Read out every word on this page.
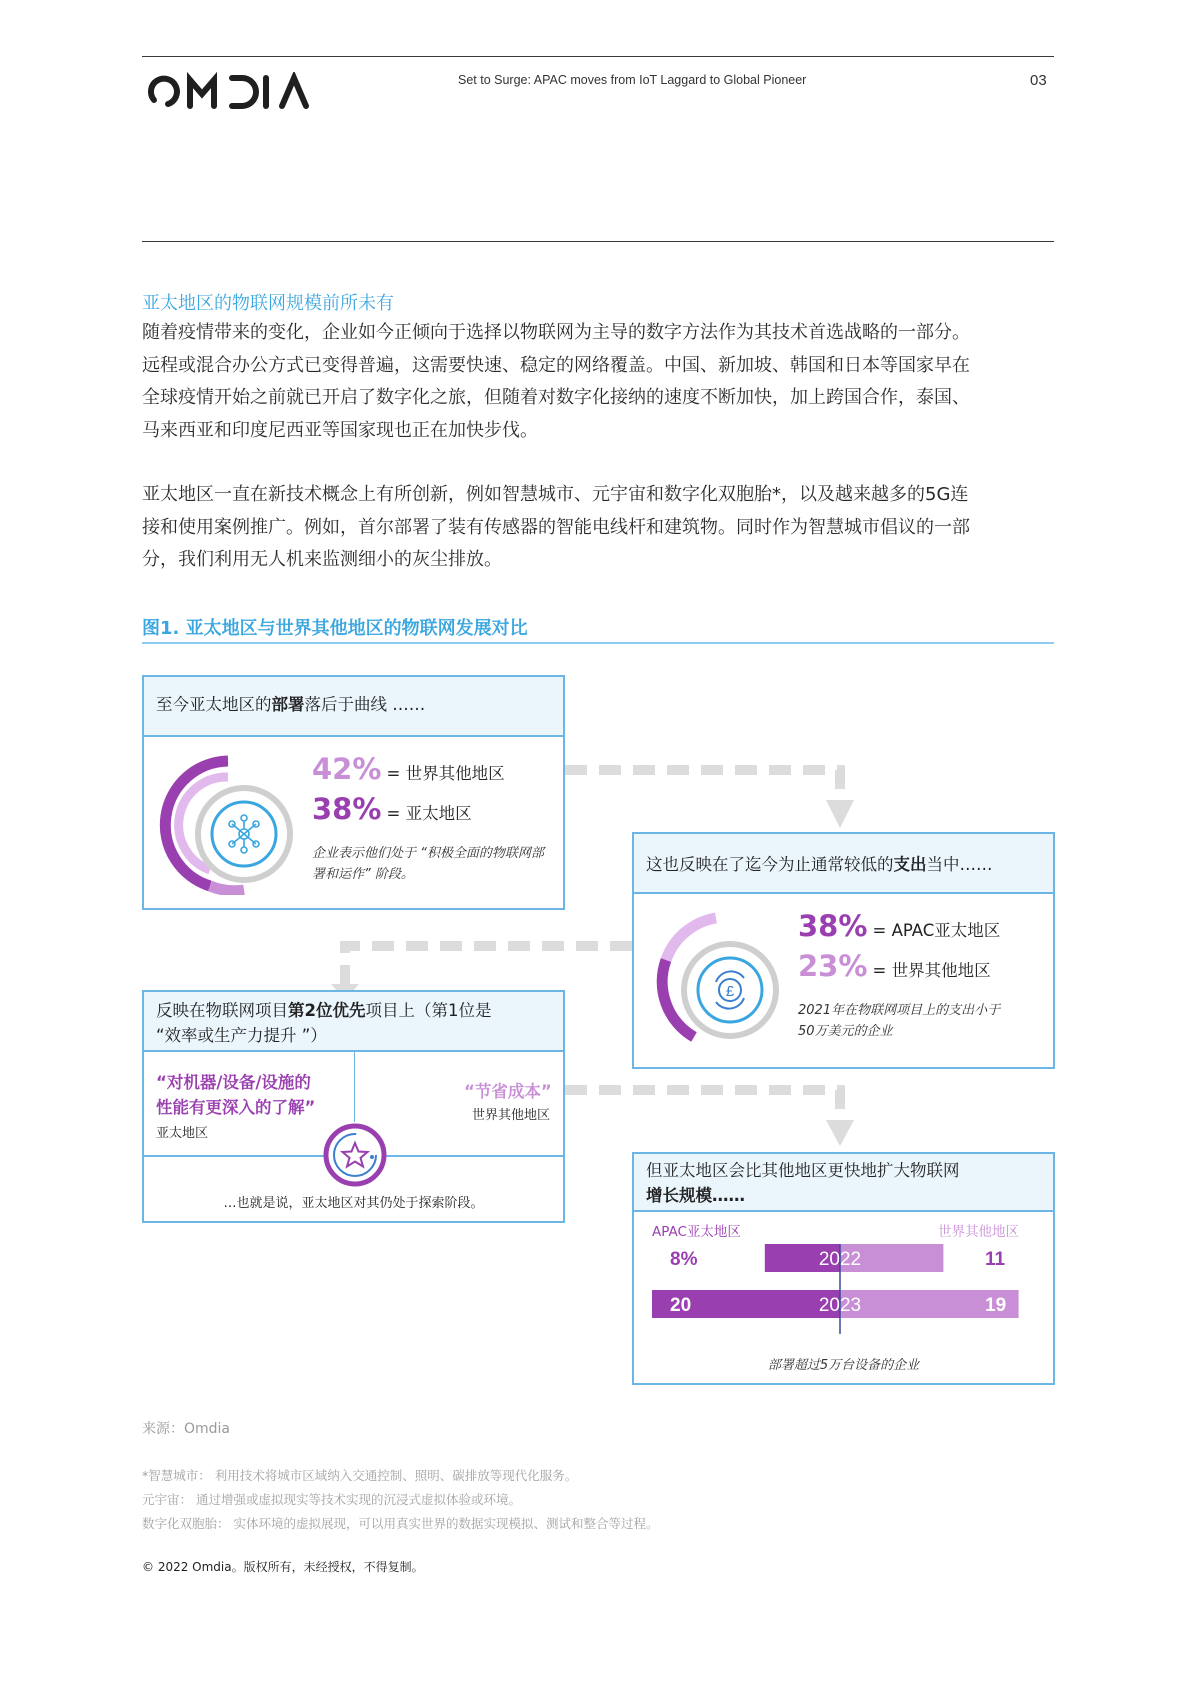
Set to Surge: APAC moves from IoT Laggard to Global Pioneer	03
亚太地区的物联网规模前所未有
随着疫情带来的变化，企业如今正倾向于选择以物联网为主导的数字方法作为其技术首选战略的一部分。
远程或混合办公方式已变得普遍，这需要快速、稳定的网络覆盖。中国、新加坡、韩国和日本等国家早在
全球疫情开始之前就已开启了数字化之旅，但随着对数字化接纳的速度不断加快，加上跨国合作，泰国、
马来西亚和印度尼西亚等国家现也正在加快步伐。
亚太地区一直在新技术概念上有所创新，例如智慧城市、元宇宙和数字化双胞胎*，以及越来越多的5G连
接和使用案例推广。例如，首尔部署了装有传感器的智能电线杆和建筑物。同时作为智慧城市倡议的一部
分，我们利用无人机来监测细小的灰尘排放。
图1. 亚太地区与世界其他地区的物联网发展对比
至今亚太地区的部署落后于曲线 ……
42% = 世界其他地区
38% = 亚太地区
企业表示他们处于 “积极全面的物联网部
署和运作” 阶段。
这也反映在了迄今为止通常较低的支出当中……
£
38% = APAC亚太地区
23% = 世界其他地区
2021年在物联网项目上的支出小于
50万美元的企业
反映在物联网项目第2位优先项目上（第1位是
“效率或生产力提升 ”）
“对机器/设备/设施的
性能有更深入的了解”
亚太地区
“节省成本”
世界其他地区
…也就是说，亚太地区对其仍处于探索阶段。
但亚太地区会比其他地区更快地扩大物联网
增长规模……
APAC亚太地区	世界其他地区
2022
8%	11
2023
20	19
部署超过5万台设备的企业
来源：Omdia
*智慧城市： 利用技术将城市区域纳入交通控制、照明、碳排放等现代化服务。
元宇宙： 通过增强或虚拟现实等技术实现的沉浸式虚拟体验或环境。
数字化双胞胎： 实体环境的虚拟展现，可以用真实世界的数据实现模拟、测试和整合等过程。
© 2022 Omdia。版权所有，未经授权，不得复制。
